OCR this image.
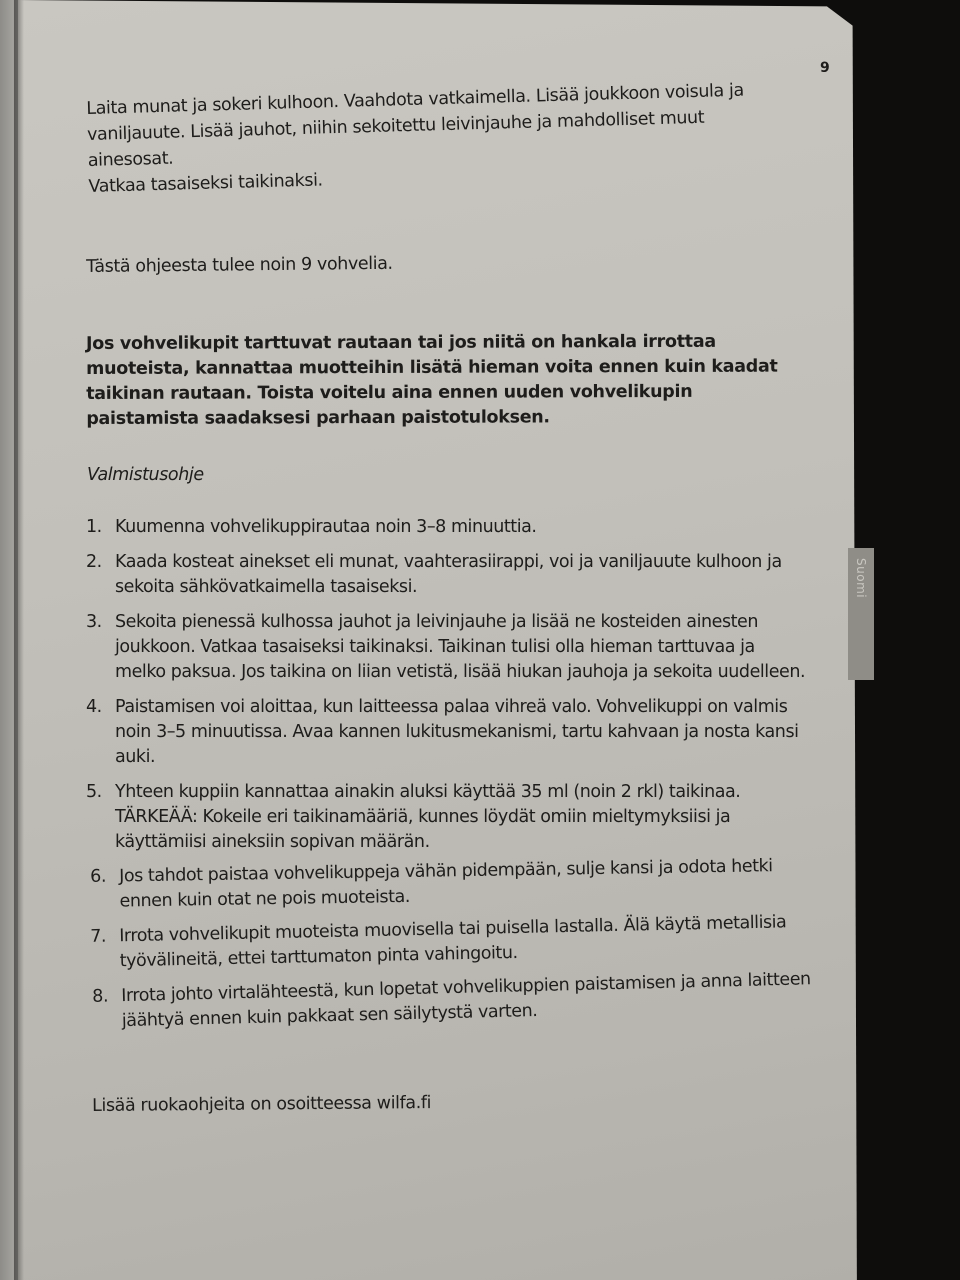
9
Laita munat ja sokeri kulhoon. Vaahdota vatkaimella. Lisää joukkoon voisula ja vaniljauute. Lisää jauhot, niihin sekoitettu leivinjauhe ja mahdolliset muut ainesosat.
Vatkaa tasaiseksi taikinaksi.
Tästä ohjeesta tulee noin 9 vohvelia.
Jos vohvelikupit tarttuvat rautaan tai jos niitä on hankala irrottaa muoteista, kannattaa muotteihin lisätä hieman voita ennen kuin kaadat taikinan rautaan. Toista voitelu aina ennen uuden vohvelikupin paistamista saadaksesi parhaan paistotuloksen.
Valmistusohje
1. Kuumenna vohvelikuppirautaa noin 3–8 minuuttia.
2. Kaada kosteat ainekset eli munat, vaahterasiirappi, voi ja vaniljauute kulhoon ja sekoita sähkövatkaimella tasaiseksi.
3. Sekoita pienessä kulhossa jauhot ja leivinjauhe ja lisää ne kosteiden ainesten joukkoon. Vatkaa tasaiseksi taikinaksi. Taikinan tulisi olla hieman tarttuvaa ja melko paksua. Jos taikina on liian vetistä, lisää hiukan jauhoja ja sekoita uudelleen.
4. Paistamisen voi aloittaa, kun laitteessa palaa vihreä valo. Vohvelikuppi on valmis noin 3–5 minuutissa. Avaa kannen lukitusmekanismi, tartu kahvaan ja nosta kansi auki.
5. Yhteen kuppiin kannattaa ainakin aluksi käyttää 35 ml (noin 2 rkl) taikinaa.
TÄRKEÄÄ: Kokeile eri taikinamääriä, kunnes löydät omiin mieltymyksiisi ja käyttämiisi aineksiin sopivan määrän.
6. Jos tahdot paistaa vohvelikuppeja vähän pidempään, sulje kansi ja odota hetki ennen kuin otat ne pois muoteista.
7. Irrota vohvelikupit muoteista muovisella tai puisella lastalla. Älä käytä metallisia työvälineitä, ettei tarttumaton pinta vahingoitu.
8. Irrota johto virtalähteestä, kun lopetat vohvelikuppien paistamisen ja anna laitteen jäähtyä ennen kuin pakkaat sen säilytystä varten.
Lisää ruokaohjeita on osoitteessa wilfa.fi
Suomi
